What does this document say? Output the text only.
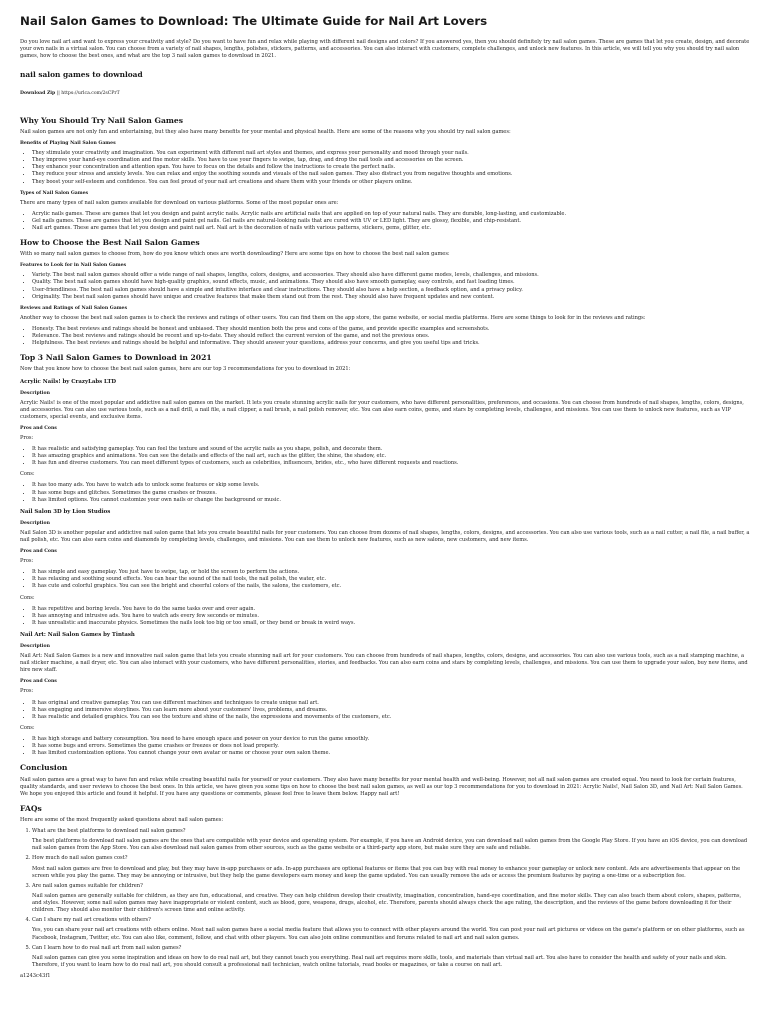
Nail Salon Games to Download: The Ultimate Guide for Nail Art Lovers

Do you love nail art and want to express your creativity and style? Do you want to have fun and relax while playing with different nail designs and colors? If you answered yes, then you should definitely try nail salon games. These are games that let you create, design, and decorate your own nails in a virtual salon. You can choose from a variety of nail shapes, lengths, polishes, stickers, patterns, and accessories. You can also interact with customers, complete challenges, and unlock new features. In this article, we will tell you why you should try nail salon games, how to choose the best ones, and what are the top 3 nail salon games to download in 2021.

nail salon games to download

Download Zip || https://urlca.com/2sCPrT

Why You Should Try Nail Salon Games

Nail salon games are not only fun and entertaining, but they also have many benefits for your mental and physical health. Here are some of the reasons why you should try nail salon games:

Benefits of Playing Nail Salon Games
• They stimulate your creativity and imagination. You can experiment with different nail art styles and themes, and express your personality and mood through your nails.
• They improve your hand-eye coordination and fine motor skills. You have to use your fingers to swipe, tap, drag, and drop the nail tools and accessories on the screen.
• They enhance your concentration and attention span. You have to focus on the details and follow the instructions to create the perfect nails.
• They reduce your stress and anxiety levels. You can relax and enjoy the soothing sounds and visuals of the nail salon games. They also distract you from negative thoughts and emotions.
• They boost your self-esteem and confidence. You can feel proud of your nail art creations and share them with your friends or other players online.
Types of Nail Salon Games

There are many types of nail salon games available for download on various platforms. Some of the most popular ones are:

• Acrylic nails games. These are games that let you design and paint acrylic nails. Acrylic nails are artificial nails that are applied on top of your natural nails. They are durable, long-lasting, and customizable.
• Gel nails games. These are games that let you design and paint gel nails. Gel nails are natural-looking nails that are cured with UV or LED light. They are glossy, flexible, and chip-resistant.
• Nail art games. These are games that let you design and paint nail art. Nail art is the decoration of nails with various patterns, stickers, gems, glitter, etc.
How to Choose the Best Nail Salon Games

With so many nail salon games to choose from, how do you know which ones are worth downloading? Here are some tips on how to choose the best nail salon games:

Features to Look for in Nail Salon Games
• Variety. The best nail salon games should offer a wide range of nail shapes, lengths, colors, designs, and accessories. They should also have different game modes, levels, challenges, and missions.
• Quality. The best nail salon games should have high-quality graphics, sound effects, music, and animations. They should also have smooth gameplay, easy controls, and fast loading times.
• User-friendliness. The best nail salon games should have a simple and intuitive interface and clear instructions. They should also have a help section, a feedback option, and a privacy policy.
• Originality. The best nail salon games should have unique and creative features that make them stand out from the rest. They should also have frequent updates and new content.
Reviews and Ratings of Nail Salon Games

Another way to choose the best nail salon games is to check the reviews and ratings of other users. You can find them on the app store, the game website, or social media platforms. Here are some things to look for in the reviews and ratings:

• Honesty. The best reviews and ratings should be honest and unbiased. They should mention both the pros and cons of the game, and provide specific examples and screenshots.
• Relevance. The best reviews and ratings should be recent and up-to-date. They should reflect the current version of the game, and not the previous ones.
• Helpfulness. The best reviews and ratings should be helpful and informative. They should answer your questions, address your concerns, and give you useful tips and tricks.
Top 3 Nail Salon Games to Download in 2021

Now that you know how to choose the best nail salon games, here are our top 3 recommendations for you to download in 2021:

Acrylic Nails! by CrazyLabs LTD
Description

Acrylic Nails! is one of the most popular and addictive nail salon games on the market. It lets you create stunning acrylic nails for your customers, who have different personalities, preferences, and occasions. You can choose from hundreds of nail shapes, lengths, colors, designs, and accessories. You can also use various tools, such as a nail drill, a nail file, a nail clipper, a nail brush, a nail polish remover, etc. You can also earn coins, gems, and stars by completing levels, challenges, and missions. You can use them to unlock new features, such as VIP customers, special events, and exclusive items.

Pros and Cons

Pros:

• It has realistic and satisfying gameplay. You can feel the texture and sound of the acrylic nails as you shape, polish, and decorate them.
• It has amazing graphics and animations. You can see the details and effects of the nail art, such as the glitter, the shine, the shadow, etc.
• It has fun and diverse customers. You can meet different types of customers, such as celebrities, influencers, brides, etc., who have different requests and reactions.

Cons:

• It has too many ads. You have to watch ads to unlock some features or skip some levels.
• It has some bugs and glitches. Sometimes the game crashes or freezes.
• It has limited options. You cannot customize your own nails or change the background or music.
Nail Salon 3D by Lion Studios
Description

Nail Salon 3D is another popular and addictive nail salon game that lets you create beautiful nails for your customers. You can choose from dozens of nail shapes, lengths, colors, designs, and accessories. You can also use various tools, such as a nail cutter, a nail file, a nail buffer, a nail polish, etc. You can also earn coins and diamonds by completing levels, challenges, and missions. You can use them to unlock new features, such as new salons, new customers, and new items.

Pros and Cons

Pros:

• It has simple and easy gameplay. You just have to swipe, tap, or hold the screen to perform the actions.
• It has relaxing and soothing sound effects. You can hear the sound of the nail tools, the nail polish, the water, etc.
• It has cute and colorful graphics. You can see the bright and cheerful colors of the nails, the salons, the customers, etc.

Cons:

• It has repetitive and boring levels. You have to do the same tasks over and over again.
• It has annoying and intrusive ads. You have to watch ads every few seconds or minutes.
• It has unrealistic and inaccurate physics. Sometimes the nails look too big or too small, or they bend or break in weird ways.
Nail Art: Nail Salon Games by Tintash
Description

Nail Art: Nail Salon Games is a new and innovative nail salon game that lets you create stunning nail art for your customers. You can choose from hundreds of nail shapes, lengths, colors, designs, and accessories. You can also use various tools, such as a nail stamping machine, a nail sticker machine, a nail dryer, etc. You can also interact with your customers, who have different personalities, stories, and feedbacks. You can also earn coins and stars by completing levels, challenges, and missions. You can use them to upgrade your salon, buy new items, and hire new staff.

Pros and Cons

Pros:

• It has original and creative gameplay. You can use different machines and techniques to create unique nail art.
• It has engaging and immersive storylines. You can learn more about your customers' lives, problems, and dreams.
• It has realistic and detailed graphics. You can see the texture and shine of the nails, the expressions and movements of the customers, etc.

Cons:

• It has high storage and battery consumption. You need to have enough space and power on your device to run the game smoothly.
• It has some bugs and errors. Sometimes the game crashes or freezes or does not load properly.
• It has limited customization options. You cannot change your own avatar or name or choose your own salon theme.
Conclusion

Nail salon games are a great way to have fun and relax while creating beautiful nails for yourself or your customers. They also have many benefits for your mental health and well-being. However, not all nail salon games are created equal. You need to look for certain features, quality standards, and user reviews to choose the best ones. In this article, we have given you some tips on how to choose the best nail salon games, as well as our top 3 recommendations for you to download in 2021: Acrylic Nails!, Nail Salon 3D, and Nail Art: Nail Salon Games. We hope you enjoyed this article and found it helpful. If you have any questions or comments, please feel free to leave them below. Happy nail art!

FAQs

Here are some of the most frequently asked questions about nail salon games:

1. What are the best platforms to download nail salon games?
The best platforms to download nail salon games are the ones that are compatible with your device and operating system. For example, if you have an Android device, you can download nail salon games from the Google Play Store. If you have an iOS device, you can download nail salon games from the App Store. You can also download nail salon games from other sources, such as the game website or a third-party app store, but make sure they are safe and reliable.
2. How much do nail salon games cost?
Most nail salon games are free to download and play, but they may have in-app purchases or ads. In-app purchases are optional features or items that you can buy with real money to enhance your gameplay or unlock new content. Ads are advertisements that appear on the screen while you play the game. They may be annoying or intrusive, but they help the game developers earn money and keep the game updated. You can usually remove the ads or access the premium features by paying a one-time or a subscription fee.
3. Are nail salon games suitable for children?
Nail salon games are generally suitable for children, as they are fun, educational, and creative. They can help children develop their creativity, imagination, concentration, hand-eye coordination, and fine motor skills. They can also teach them about colors, shapes, patterns, and styles. However, some nail salon games may have inappropriate or violent content, such as blood, gore, weapons, drugs, alcohol, etc. Therefore, parents should always check the age rating, the description, and the reviews of the game before downloading it for their children. They should also monitor their children's screen time and online activity.
4. Can I share my nail art creations with others?
Yes, you can share your nail art creations with others online. Most nail salon games have a social media feature that allows you to connect with other players around the world. You can post your nail art pictures or videos on the game's platform or on other platforms, such as Facebook, Instagram, Twitter, etc. You can also like, comment, follow, and chat with other players. You can also join online communities and forums related to nail art and nail salon games.
5. Can I learn how to do real nail art from nail salon games?
Nail salon games can give you some inspiration and ideas on how to do real nail art, but they cannot teach you everything. Real nail art requires more skills, tools, and materials than virtual nail art. You also have to consider the health and safety of your nails and skin. Therefore, if you want to learn how to do real nail art, you should consult a professional nail technician, watch online tutorials, read books or magazines, or take a course on nail art.

a1243c43f1
